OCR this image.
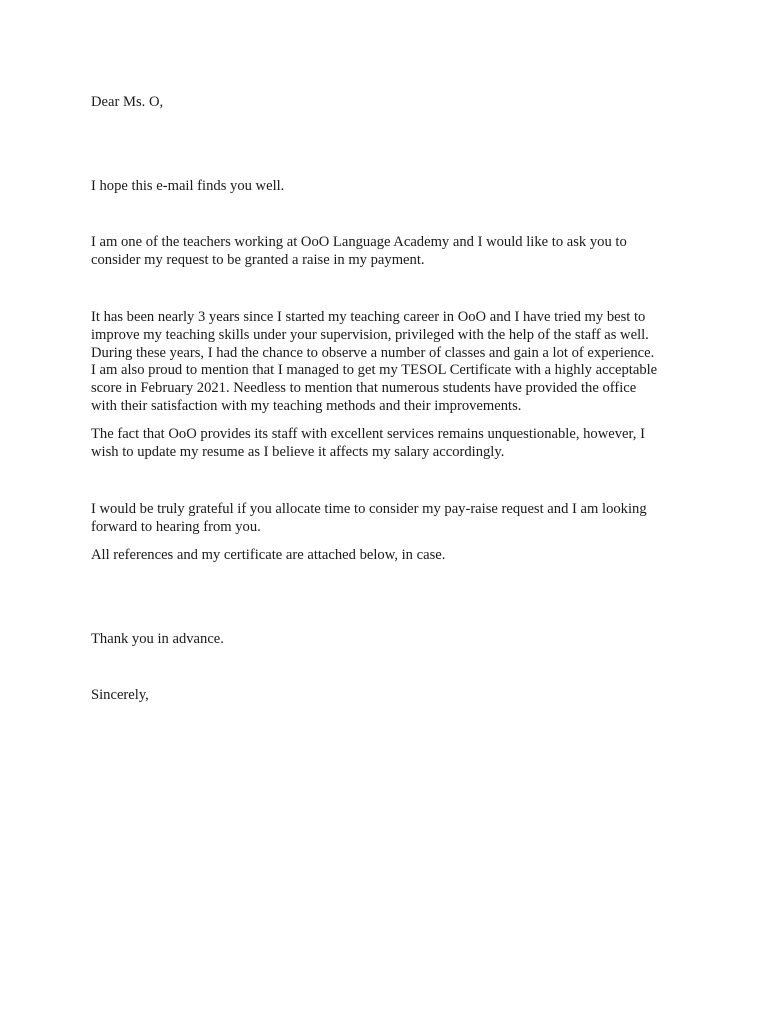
Dear Ms. O,

I hope this e-mail finds you well.

I am one of the teachers working at OoO Language Academy and I would like to ask you to
consider my request to be granted a raise in my payment.

It has been nearly 3 years since I started my teaching career in OoO and I have tried my best to
improve my teaching skills under your supervision, privileged with the help of the staff as well.
During these years, I had the chance to observe a number of classes and gain a lot of experience.
I am also proud to mention that I managed to get my TESOL Certificate with a highly acceptable
score in February 2021. Needless to mention that numerous students have provided the office
with their satisfaction with my teaching methods and their improvements.

The fact that OoO provides its staff with excellent services remains unquestionable, however, I
wish to update my resume as I believe it affects my salary accordingly.

I would be truly grateful if you allocate time to consider my pay-raise request and I am looking
forward to hearing from you.

All references and my certificate are attached below, in case.

Thank you in advance.

Sincerely,
